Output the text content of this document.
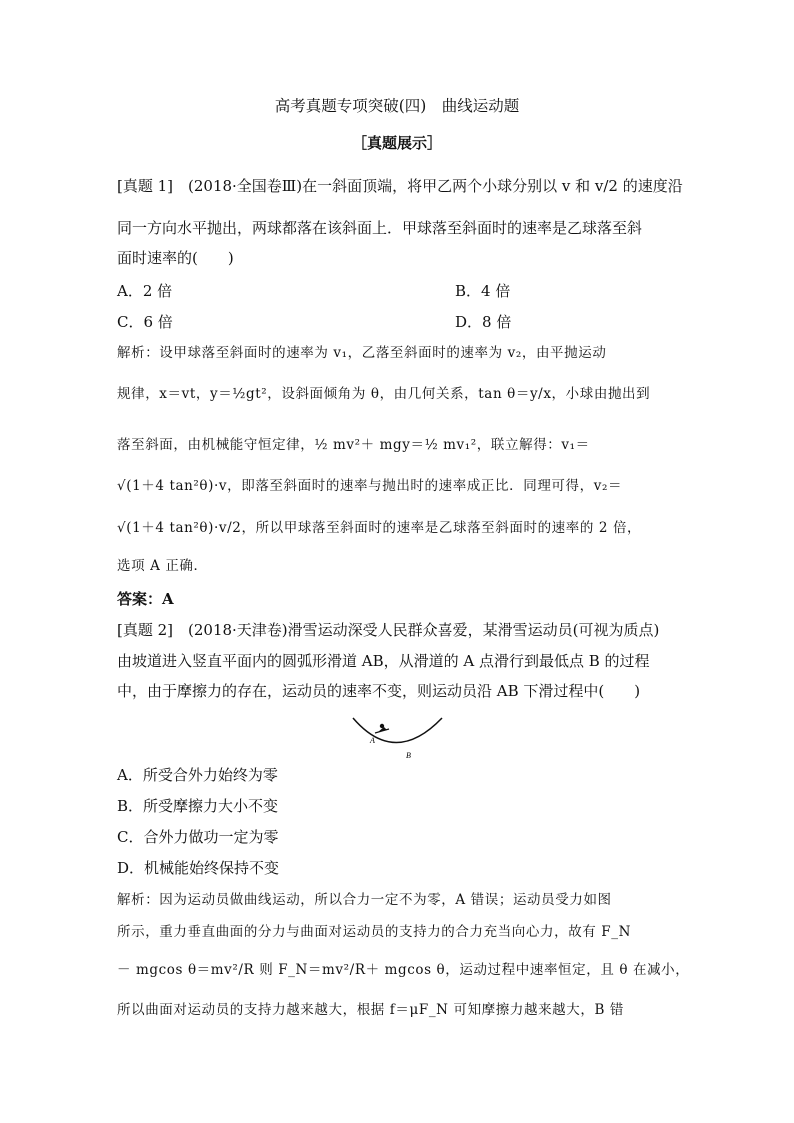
高考真题专项突破(四)　曲线运动题
［真题展示］
[真题 1]　(2018·全国卷Ⅲ)在一斜面顶端，将甲乙两个小球分别以 v 和 v/2 的速度沿
同一方向水平抛出，两球都落在该斜面上．甲球落至斜面时的速率是乙球落至斜
面时速率的(　　)
A．2 倍	B．4 倍
C．6 倍	D．8 倍
解析：设甲球落至斜面时的速率为 v₁，乙落至斜面时的速率为 v₂，由平抛运动
规律，x＝vt，y＝½gt²，设斜面倾角为 θ，由几何关系，tan θ＝y/x，小球由抛出到
落至斜面，由机械能守恒定律，½ mv²＋ mgy＝½ mv₁²，联立解得：v₁＝
√(1＋4 tan²θ)·v，即落至斜面时的速率与抛出时的速率成正比．同理可得，v₂＝
√(1＋4 tan²θ)·v/2，所以甲球落至斜面时的速率是乙球落至斜面时的速率的 2 倍，
选项 A 正确．
答案：A
[真题 2]　(2018·天津卷)滑雪运动深受人民群众喜爱，某滑雪运动员(可视为质点)
由坡道进入竖直平面内的圆弧形滑道 AB，从滑道的 A 点滑行到最低点 B 的过程
中，由于摩擦力的存在，运动员的速率不变，则运动员沿 AB 下滑过程中(　　)
A
B
A．所受合外力始终为零
B．所受摩擦力大小不变
C．合外力做功一定为零
D．机械能始终保持不变
解析：因为运动员做曲线运动，所以合力一定不为零，A 错误；运动员受力如图
所示，重力垂直曲面的分力与曲面对运动员的支持力的合力充当向心力，故有 F_N
－ mgcos θ＝mv²/R 则 F_N＝mv²/R＋ mgcos θ，运动过程中速率恒定，且 θ 在减小，
所以曲面对运动员的支持力越来越大，根据 f＝μF_N 可知摩擦力越来越大，B 错
